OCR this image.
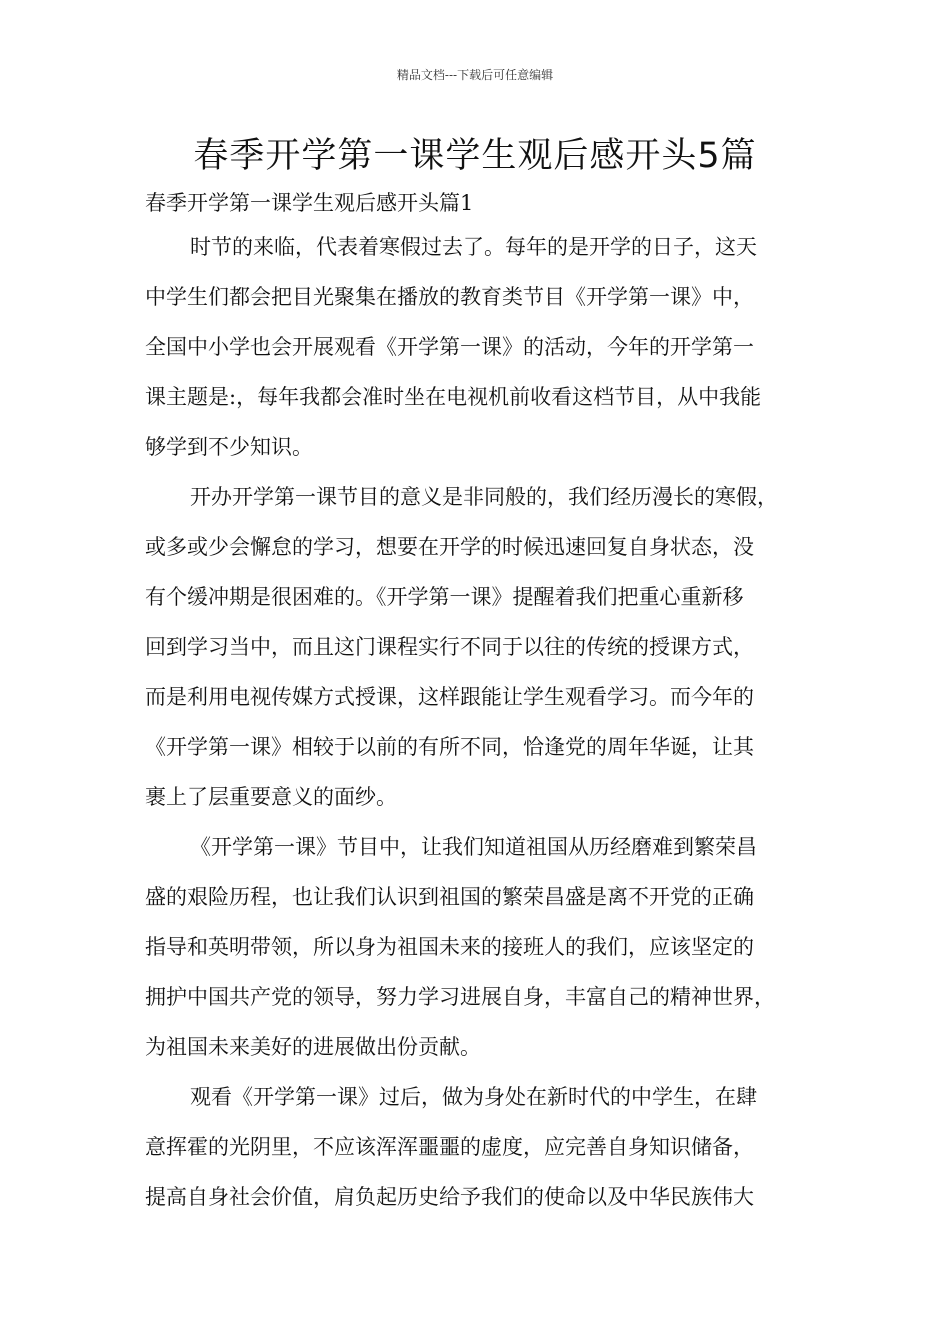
精品文档---下载后可任意编辑
春季开学第一课学生观后感开头5篇
春季开学第一课学生观后感开头篇1
时节的来临，代表着寒假过去了。每年的是开学的日子，这天
中学生们都会把目光聚集在播放的教育类节目《开学第一课》中，
全国中小学也会开展观看《开学第一课》的活动，今年的开学第一
课主题是:，每年我都会准时坐在电视机前收看这档节目，从中我能
够学到不少知识。
开办开学第一课节目的意义是非同般的，我们经历漫长的寒假，
或多或少会懈怠的学习，想要在开学的时候迅速回复自身状态，没
有个缓冲期是很困难的。《开学第一课》提醒着我们把重心重新移
回到学习当中，而且这门课程实行不同于以往的传统的授课方式，
而是利用电视传媒方式授课，这样跟能让学生观看学习。而今年的
《开学第一课》相较于以前的有所不同，恰逢党的周年华诞，让其
裹上了层重要意义的面纱。
《开学第一课》节目中，让我们知道祖国从历经磨难到繁荣昌
盛的艰险历程，也让我们认识到祖国的繁荣昌盛是离不开党的正确
指导和英明带领，所以身为祖国未来的接班人的我们，应该坚定的
拥护中国共产党的领导，努力学习进展自身，丰富自己的精神世界，
为祖国未来美好的进展做出份贡献。
观看《开学第一课》过后，做为身处在新时代的中学生，在肆
意挥霍的光阴里，不应该浑浑噩噩的虚度，应完善自身知识储备，
提高自身社会价值，肩负起历史给予我们的使命以及中华民族伟大
